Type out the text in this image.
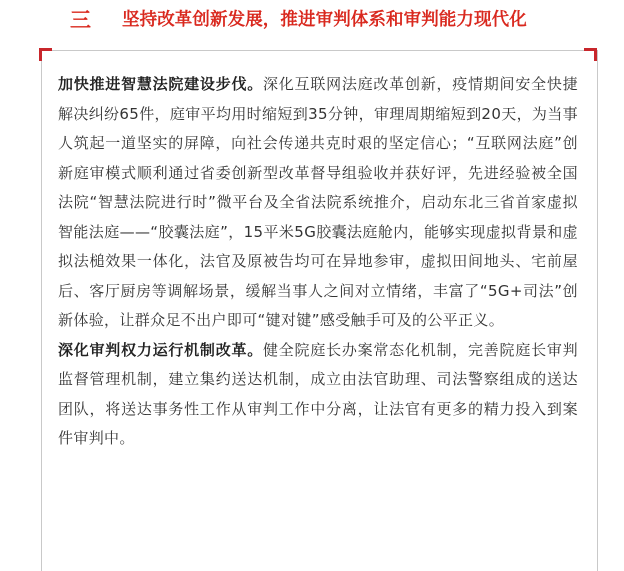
三 坚持改革创新发展，推进审判体系和审判能力现代化

加快推进智慧法院建设步伐。深化互联网法庭改革创新，疫情期间安全快捷解决纠纷65件，庭审平均用时缩短到35分钟，审理周期缩短到20天，为当事人筑起一道坚实的屏障，向社会传递共克时艰的坚定信心；“互联网法庭”创新庭审模式顺利通过省委创新型改革督导组验收并获好评，先进经验被全国法院“智慧法院进行时”微平台及全省法院系统推介，启动东北三省首家虚拟智能法庭——“胶囊法庭”，15平米5G胶囊法庭舱内，能够实现虚拟背景和虚拟法槌效果一体化，法官及原被告均可在异地参审，虚拟田间地头、宅前屋后、客厅厨房等调解场景，缓解当事人之间对立情绪，丰富了“5G+司法”创新体验，让群众足不出户即可“键对键”感受触手可及的公平正义。

深化审判权力运行机制改革。健全院庭长办案常态化机制，完善院庭长审判监督管理机制，建立集约送达机制，成立由法官助理、司法警察组成的送达团队，将送达事务性工作从审判工作中分离，让法官有更多的精力投入到案件审判中。
